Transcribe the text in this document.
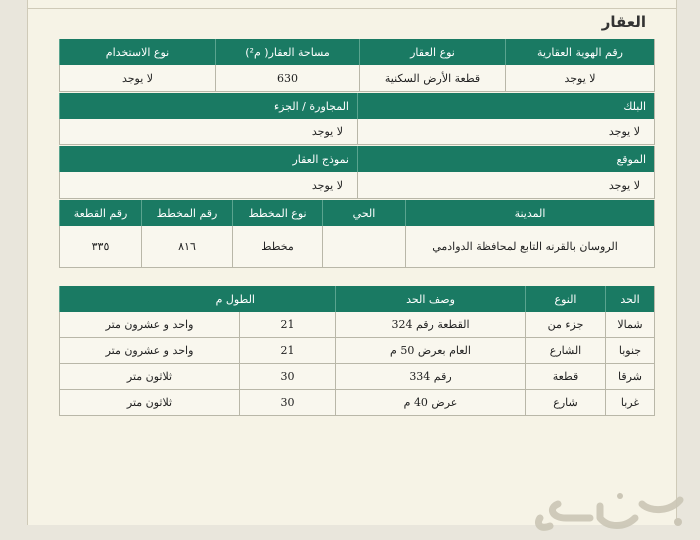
العقار
رقم الهوية العقارية
نوع العقار
مساحة العقار( م²)
نوع الاستخدام
لا يوجد
قطعة الأرض السكنية
630
لا يوجد
البلك
المجاورة / الجزء
لا يوجد
لا يوجد
الموقع
نموذج العقار
لا يوجد
لا يوجد
المدينة
الحي
نوع المخطط
رقم المخطط
رقم القطعة
الروسان بالقرنه التابع لمحافظة الدوادمي
مخطط
٨١٦
٣٣٥
الحد
النوع
وصف الحد
الطول م
شمالا
جزء من
القطعة رقم 324
21
واحد و عشرون متر
جنوبا
الشارع
العام بعرض 50 م
21
واحد و عشرون متر
شرقا
قطعة
رقم 334
30
ثلاثون متر
غربا
شارع
عرض 40 م
30
ثلاثون متر
